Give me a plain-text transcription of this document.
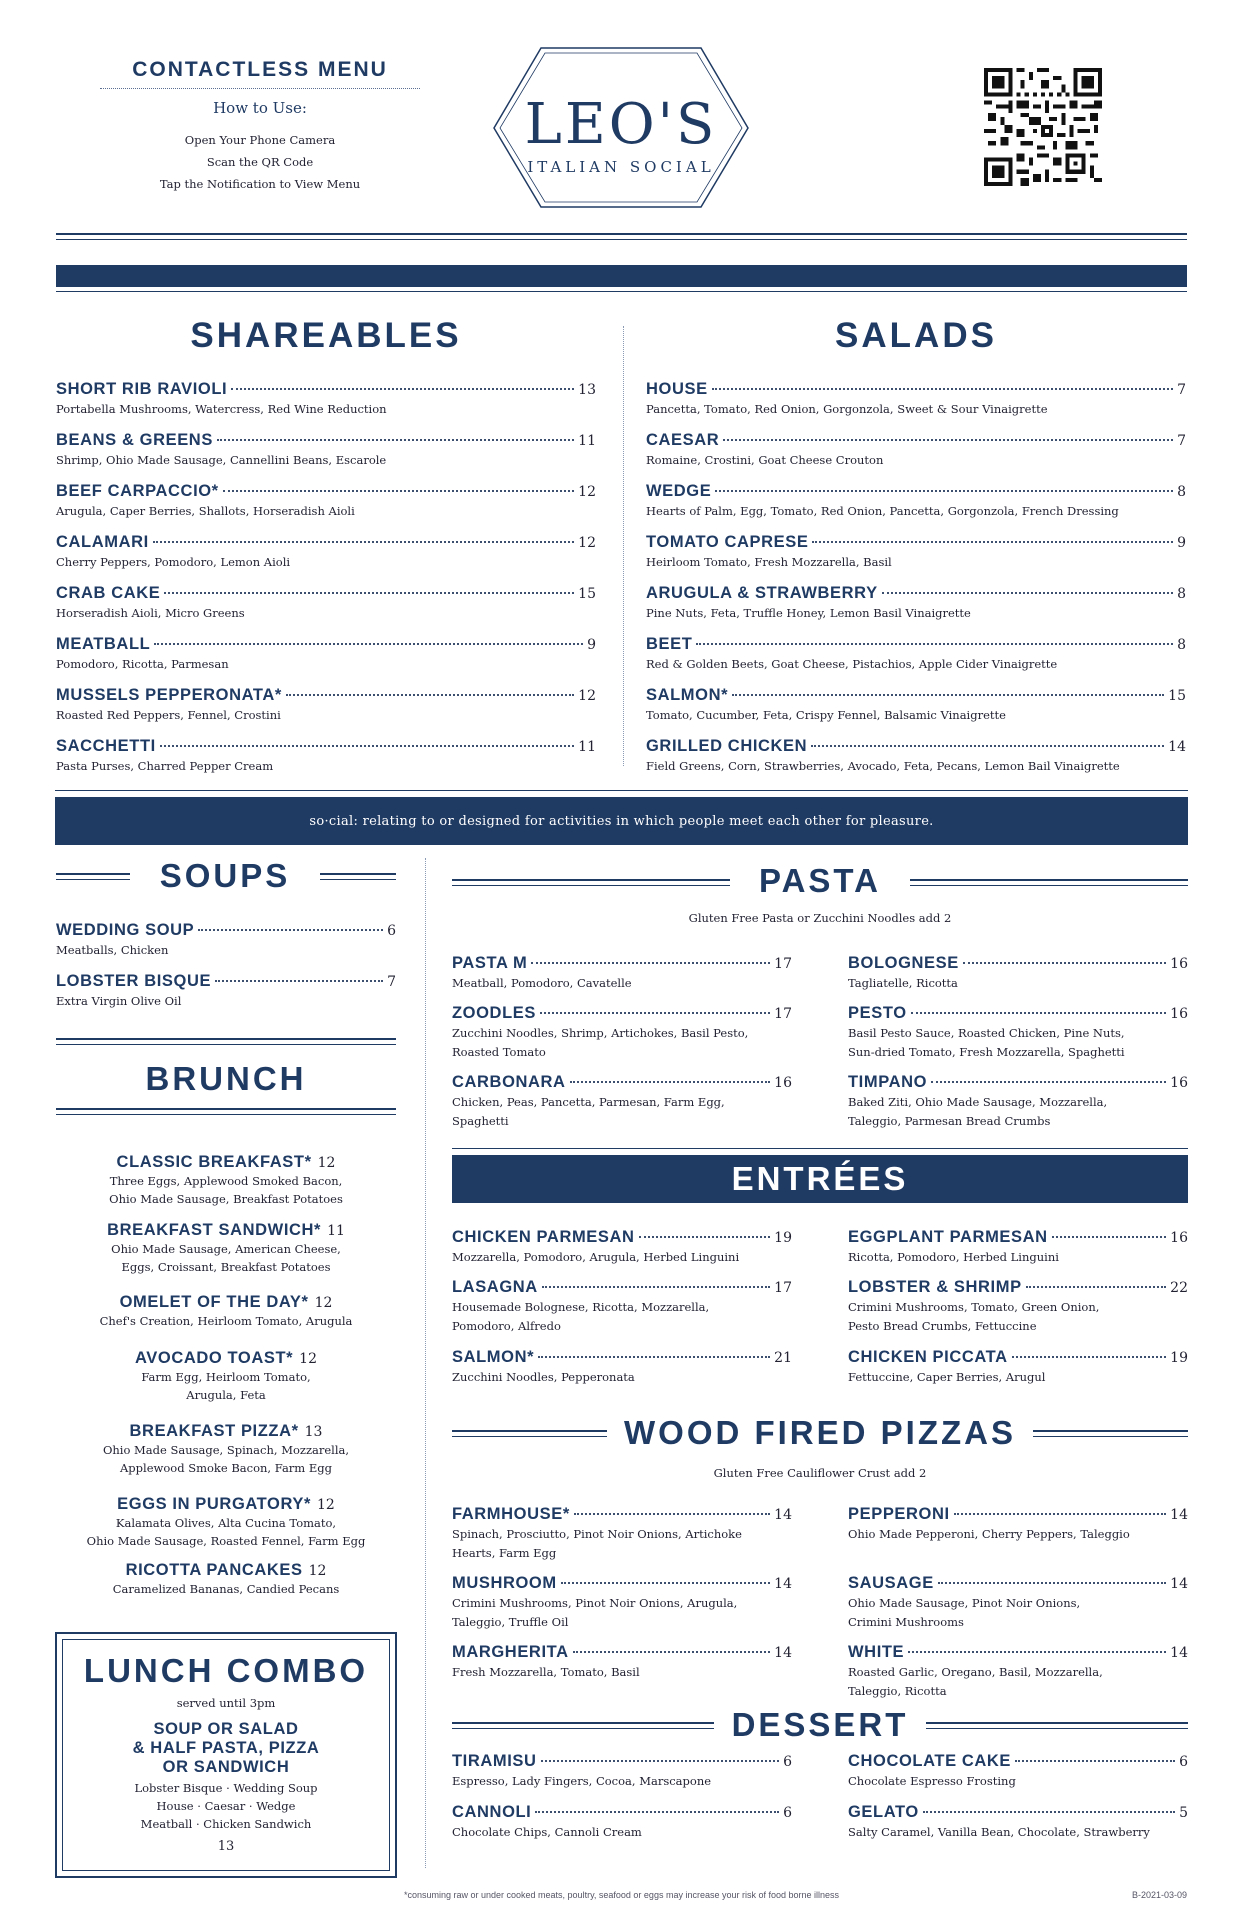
CONTACTLESS MENU
How to Use:
Open Your Phone Camera
Scan the QR Code
Tap the Notification to View Menu
LEO'S
ITALIAN SOCIAL
SHAREABLES
SHORT RIB RAVIOLI	13
Portabella Mushrooms, Watercress, Red Wine Reduction
BEANS & GREENS	11
Shrimp, Ohio Made Sausage, Cannellini Beans, Escarole
BEEF CARPACCIO*	12
Arugula, Caper Berries, Shallots, Horseradish Aioli
CALAMARI	12
Cherry Peppers, Pomodoro, Lemon Aioli
CRAB CAKE	15
Horseradish Aioli, Micro Greens
MEATBALL	9
Pomodoro, Ricotta, Parmesan
MUSSELS PEPPERONATA*	12
Roasted Red Peppers, Fennel, Crostini
SACCHETTI	11
Pasta Purses, Charred Pepper Cream
SALADS
HOUSE	7
Pancetta, Tomato, Red Onion, Gorgonzola, Sweet & Sour Vinaigrette
CAESAR	7
Romaine, Crostini, Goat Cheese Crouton
WEDGE	8
Hearts of Palm, Egg, Tomato, Red Onion, Pancetta, Gorgonzola, French Dressing
TOMATO CAPRESE	9
Heirloom Tomato, Fresh Mozzarella, Basil
ARUGULA & STRAWBERRY	8
Pine Nuts, Feta, Truffle Honey, Lemon Basil Vinaigrette
BEET	8
Red & Golden Beets, Goat Cheese, Pistachios, Apple Cider Vinaigrette
SALMON*	15
Tomato, Cucumber, Feta, Crispy Fennel, Balsamic Vinaigrette
GRILLED CHICKEN	14
Field Greens, Corn, Strawberries, Avocado, Feta, Pecans, Lemon Bail Vinaigrette
so·cial: relating to or designed for activities in which people meet each other for pleasure.
SOUPS
WEDDING SOUP	6
Meatballs, Chicken
LOBSTER BISQUE	7
Extra Virgin Olive Oil
BRUNCH
CLASSIC BREAKFAST* 12
Three Eggs, Applewood Smoked Bacon,
Ohio Made Sausage, Breakfast Potatoes
BREAKFAST SANDWICH* 11
Ohio Made Sausage, American Cheese,
Eggs, Croissant, Breakfast Potatoes
OMELET OF THE DAY* 12
Chef's Creation, Heirloom Tomato, Arugula
AVOCADO TOAST* 12
Farm Egg, Heirloom Tomato,
Arugula, Feta
BREAKFAST PIZZA* 13
Ohio Made Sausage, Spinach, Mozzarella,
Applewood Smoke Bacon, Farm Egg
EGGS IN PURGATORY* 12
Kalamata Olives, Alta Cucina Tomato,
Ohio Made Sausage, Roasted Fennel, Farm Egg
RICOTTA PANCAKES 12
Caramelized Bananas, Candied Pecans
LUNCH COMBO
served until 3pm
SOUP OR SALAD
& HALF PASTA, PIZZA
OR SANDWICH
Lobster Bisque · Wedding Soup
House · Caesar · Wedge
Meatball · Chicken Sandwich
13
PASTA
Gluten Free Pasta or Zucchini Noodles add 2
PASTA M	17
Meatball, Pomodoro, Cavatelle
BOLOGNESE	16
Tagliatelle, Ricotta
ZOODLES	17
Zucchini Noodles, Shrimp, Artichokes, Basil Pesto,
Roasted Tomato
PESTO	16
Basil Pesto Sauce, Roasted Chicken, Pine Nuts,
Sun-dried Tomato, Fresh Mozzarella, Spaghetti
CARBONARA	16
Chicken, Peas, Pancetta, Parmesan, Farm Egg,
Spaghetti
TIMPANO	16
Baked Ziti, Ohio Made Sausage, Mozzarella,
Taleggio, Parmesan Bread Crumbs
ENTRÉES
CHICKEN PARMESAN	19
Mozzarella, Pomodoro, Arugula, Herbed Linguini
EGGPLANT PARMESAN	16
Ricotta, Pomodoro, Herbed Linguini
LASAGNA	17
Housemade Bolognese, Ricotta, Mozzarella,
Pomodoro, Alfredo
LOBSTER & SHRIMP	22
Crimini Mushrooms, Tomato, Green Onion,
Pesto Bread Crumbs, Fettuccine
SALMON*	21
Zucchini Noodles, Pepperonata
CHICKEN PICCATA	19
Fettuccine, Caper Berries, Arugul
WOOD FIRED PIZZAS
Gluten Free Cauliflower Crust add 2
FARMHOUSE*	14
Spinach, Prosciutto, Pinot Noir Onions, Artichoke
Hearts, Farm Egg
PEPPERONI	14
Ohio Made Pepperoni, Cherry Peppers, Taleggio
MUSHROOM	14
Crimini Mushrooms, Pinot Noir Onions, Arugula,
Taleggio, Truffle Oil
SAUSAGE	14
Ohio Made Sausage, Pinot Noir Onions,
Crimini Mushrooms
MARGHERITA	14
Fresh Mozzarella, Tomato, Basil
WHITE	14
Roasted Garlic, Oregano, Basil, Mozzarella,
Taleggio, Ricotta
DESSERT
TIRAMISU	6
Espresso, Lady Fingers, Cocoa, Marscapone
CHOCOLATE CAKE	6
Chocolate Espresso Frosting
CANNOLI	6
Chocolate Chips, Cannoli Cream
GELATO	5
Salty Caramel, Vanilla Bean, Chocolate, Strawberry
*consuming raw or under cooked meats, poultry, seafood or eggs may increase your risk of food borne illness	B-2021-03-09
